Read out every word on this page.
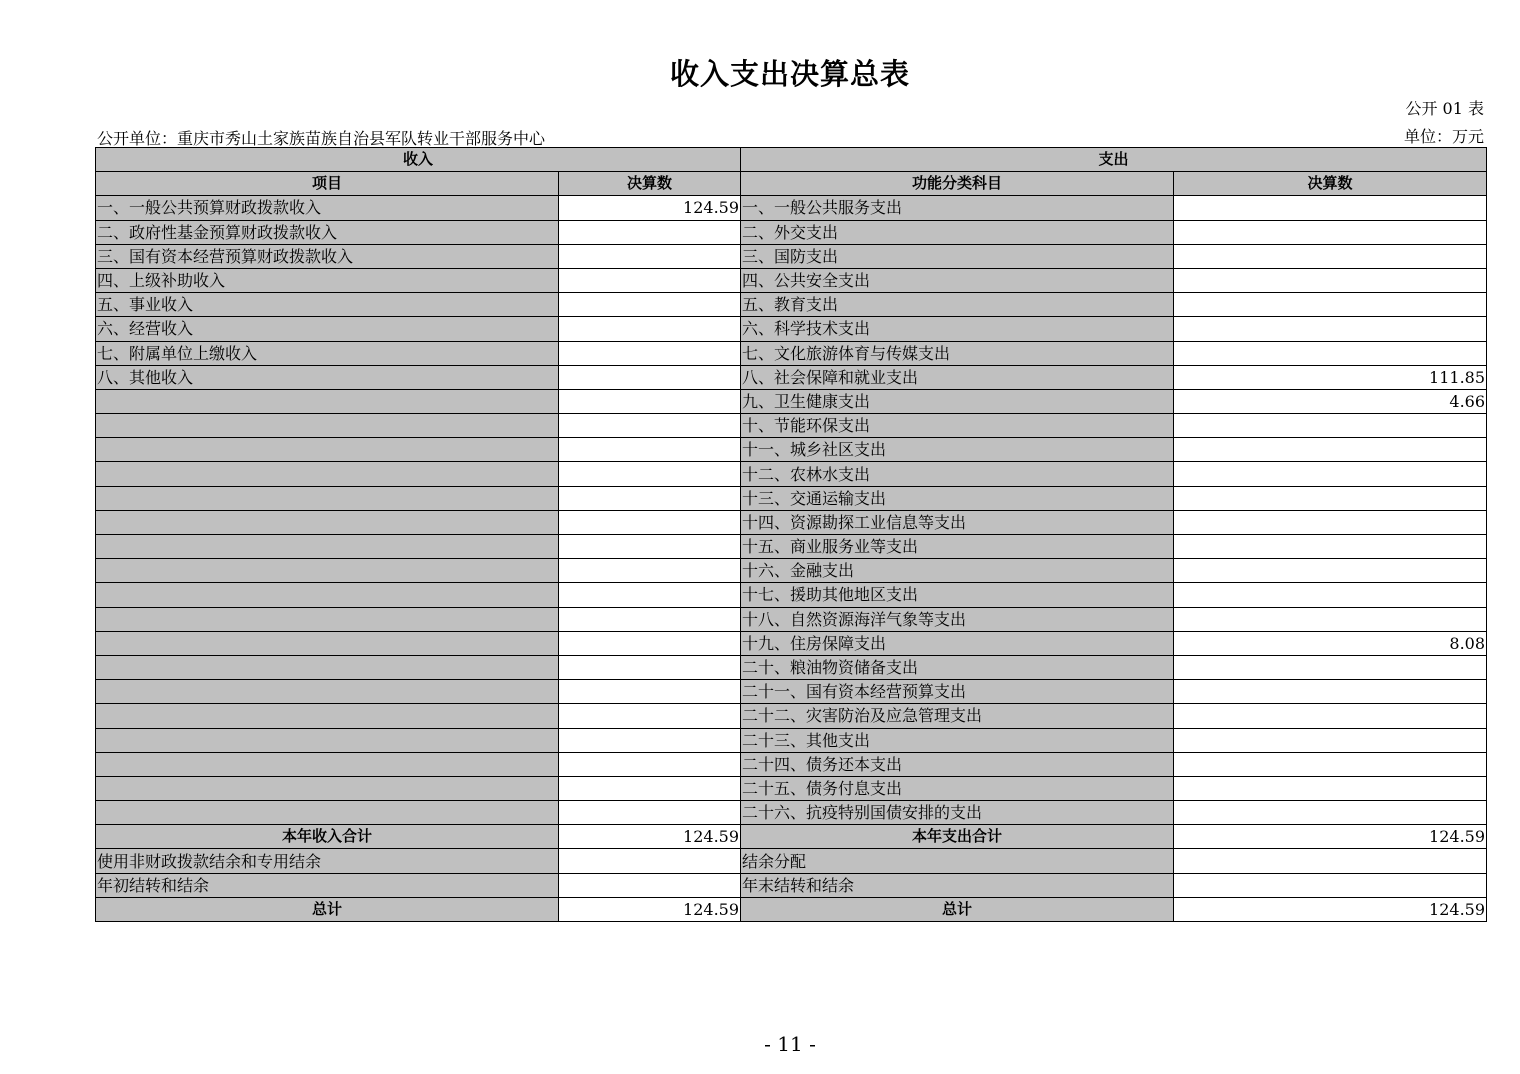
收入支出决算总表
公开 01 表
公开单位：重庆市秀山土家族苗族自治县军队转业干部服务中心	单位：万元
收入		支出	
项目	决算数	功能分类科目	决算数
一、一般公共预算财政拨款收入	124.59	一、一般公共服务支出	
二、政府性基金预算财政拨款收入		二、外交支出	
三、国有资本经营预算财政拨款收入		三、国防支出	
四、上级补助收入		四、公共安全支出	
五、事业收入		五、教育支出	
六、经营收入		六、科学技术支出	
七、附属单位上缴收入		七、文化旅游体育与传媒支出	
八、其他收入		八、社会保障和就业支出	111.85
		九、卫生健康支出	4.66
		十、节能环保支出	
		十一、城乡社区支出	
		十二、农林水支出	
		十三、交通运输支出	
		十四、资源勘探工业信息等支出	
		十五、商业服务业等支出	
		十六、金融支出	
		十七、援助其他地区支出	
		十八、自然资源海洋气象等支出	
		十九、住房保障支出	8.08
		二十、粮油物资储备支出	
		二十一、国有资本经营预算支出	
		二十二、灾害防治及应急管理支出	
		二十三、其他支出	
		二十四、债务还本支出	
		二十五、债务付息支出	
		二十六、抗疫特别国债安排的支出	
本年收入合计	124.59	本年支出合计	124.59
使用非财政拨款结余和专用结余		结余分配	
年初结转和结余		年末结转和结余	
总计	124.59	总计	124.59
- 11 -
